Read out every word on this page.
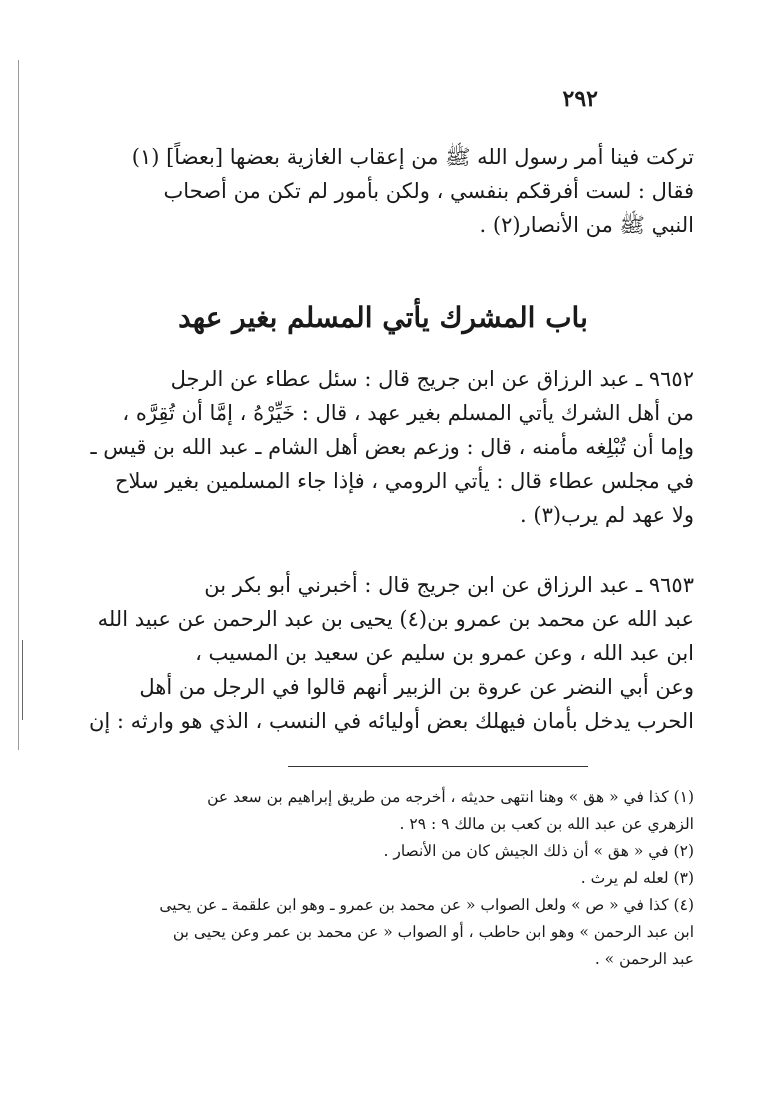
٢٩٢
تركت فينا أمر رسول الله ﷺ من إعقاب الغازية بعضها [بعضاً] (١)
فقال : لست أفرقكم بنفسي ، ولكن بأمور لم تكن من أصحاب
النبي ﷺ من الأنصار(٢) .
باب المشرك يأتي المسلم بغير عهد
٩٦٥٢ ـ عبد الرزاق عن ابن جريج قال : سئل عطاء عن الرجل
من أهل الشرك يأتي المسلم بغير عهد ، قال : خَيِّرْهُ ، إمَّا أن تُقِرَّه ،
وإما أن تُبْلِغه مأمنه ، قال : وزعم بعض أهل الشام ـ عبد الله بن قيس ـ
في مجلس عطاء قال : يأتي الرومي ، فإذا جاء المسلمين بغير سلاح
ولا عهد لم يرب(٣) .
٩٦٥٣ ـ عبد الرزاق عن ابن جريج قال : أخبرني أبو بكر بن
عبد الله عن محمد بن عمرو بن(٤) يحيى بن عبد الرحمن عن عبيد الله
ابن عبد الله ، وعن عمرو بن سليم عن سعيد بن المسيب ،
وعن أبي النضر عن عروة بن الزبير أنهم قالوا في الرجل من أهل
الحرب يدخل بأمان فيهلك بعض أوليائه في النسب ، الذي هو وارثه : إن
(١) كذا في « هق » وهنا انتهى حديثه ، أخرجه من طريق إبراهيم بن سعد عن
الزهري عن عبد الله بن كعب بن مالك ٩ : ٢٩ .
(٢) في « هق » أن ذلك الجيش كان من الأنصار .
(٣) لعله لم يرث .
(٤) كذا في « ص » ولعل الصواب « عن محمد بن عمرو ـ وهو ابن علقمة ـ عن يحيى
ابن عبد الرحمن » وهو ابن حاطب ، أو الصواب « عن محمد بن عمر وعن يحيى بن
عبد الرحمن » .
